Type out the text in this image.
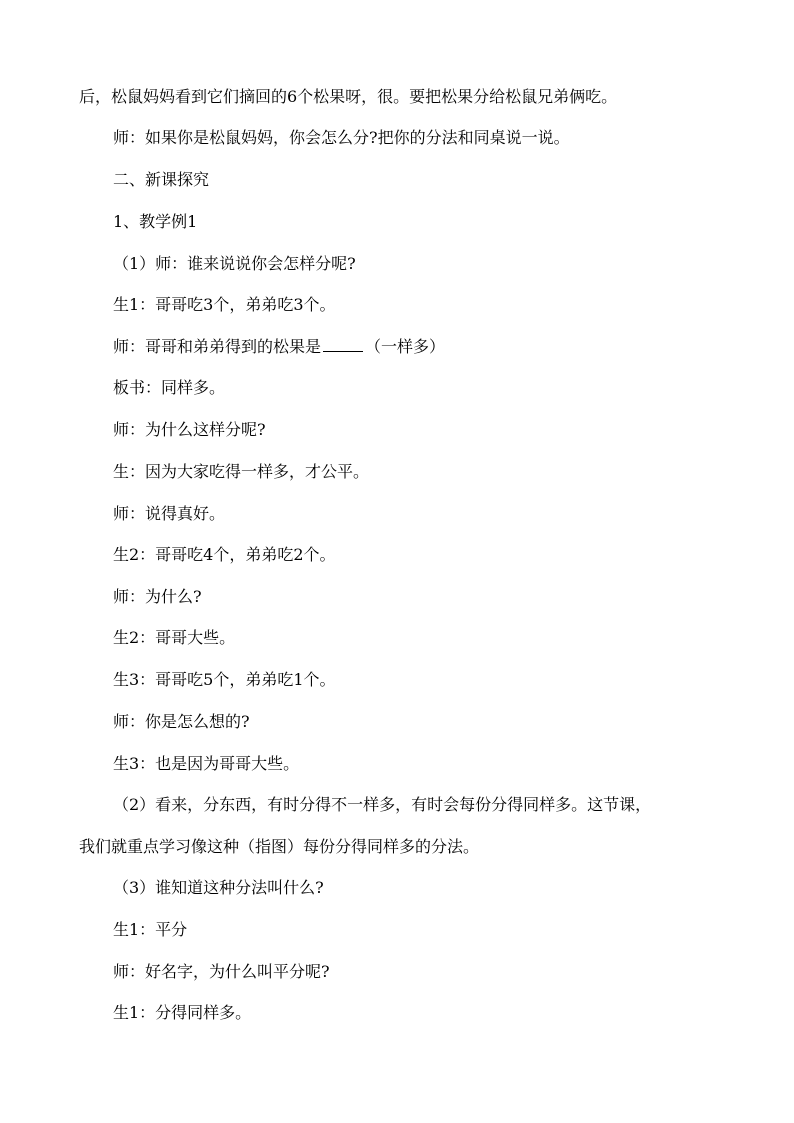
后，松鼠妈妈看到它们摘回的6个松果呀，很。要把松果分给松鼠兄弟俩吃。
师：如果你是松鼠妈妈，你会怎么分?把你的分法和同桌说一说。
二、新课探究
1、教学例1
（1）师：谁来说说你会怎样分呢?
生1：哥哥吃3个，弟弟吃3个。
师：哥哥和弟弟得到的松果是	（一样多）
板书：同样多。
师：为什么这样分呢?
生：因为大家吃得一样多，才公平。
师：说得真好。
生2：哥哥吃4个，弟弟吃2个。
师：为什么?
生2：哥哥大些。
生3：哥哥吃5个，弟弟吃1个。
师：你是怎么想的?
生3：也是因为哥哥大些。
（2）看来，分东西，有时分得不一样多，有时会每份分得同样多。这节课，
我们就重点学习像这种（指图）每份分得同样多的分法。
（3）谁知道这种分法叫什么?
生1：平分
师：好名字，为什么叫平分呢?
生1：分得同样多。
